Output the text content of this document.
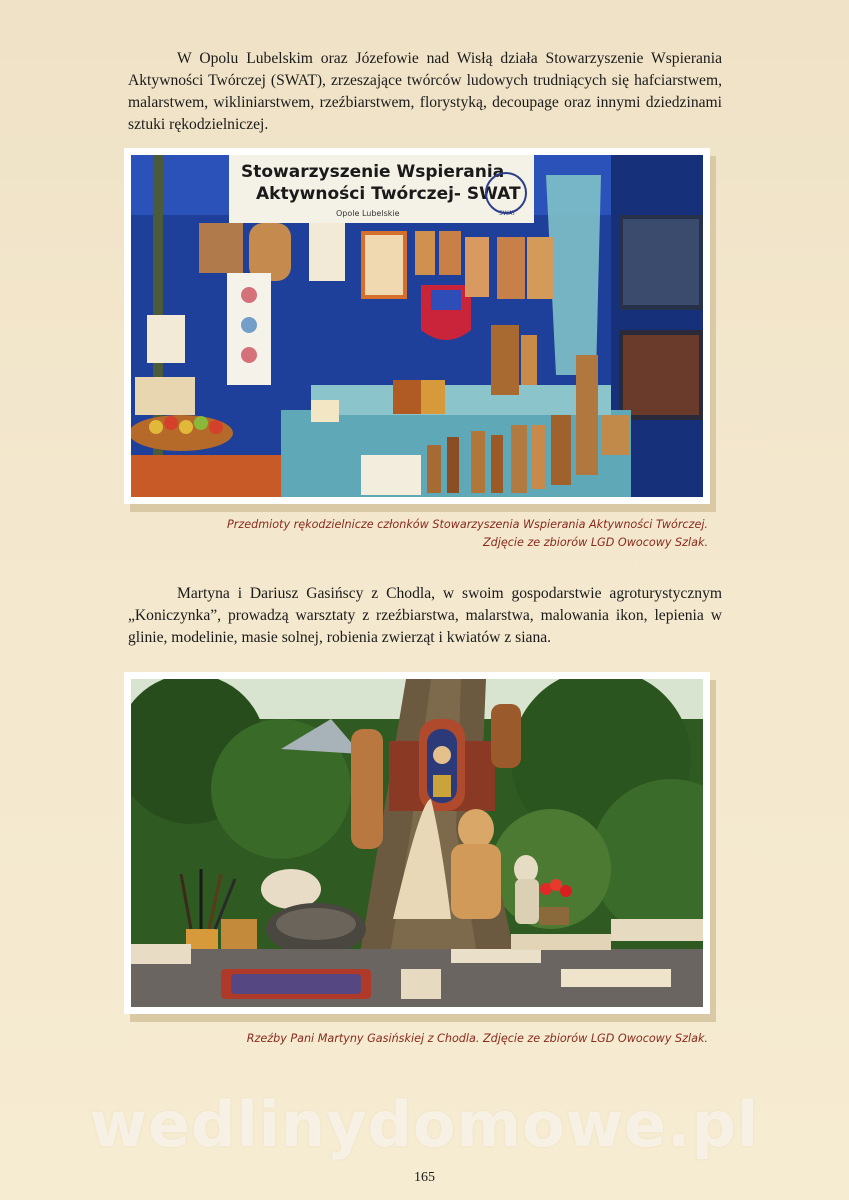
W Opolu Lubelskim oraz Józefowie nad Wisłą działa Stowarzyszenie Wspierania Aktywności Twórczej (SWAT), zrzeszające twórców ludowych trudniących się hafciarstwem, malarstwem, wikliniarstwem, rzeźbiarstwem, florystyką, decoupage oraz innymi dziedzinami sztuki rękodzielniczej.

Stowarzyszenie Wspierania
Aktywności Twórczej- SWAT
Opole Lubelskie	SWAT
Przedmioty rękodzielnicze członków Stowarzyszenia Wspierania Aktywności Twórczej.
Zdjęcie ze zbiorów LGD Owocowy Szlak.

Martyna i Dariusz Gasińscy z Chodla, w swoim gospodarstwie agroturystycznym „Koniczynka”, prowadzą warsztaty z rzeźbiarstwa, malarstwa, malowania ikon, lepienia w glinie, modelinie, masie solnej, robienia zwierząt i kwiatów z siana.

Rzeźby Pani Martyny Gasińskiej z Chodla. Zdjęcie ze zbiorów LGD Owocowy Szlak.
wedlinydomowe.pl
165
